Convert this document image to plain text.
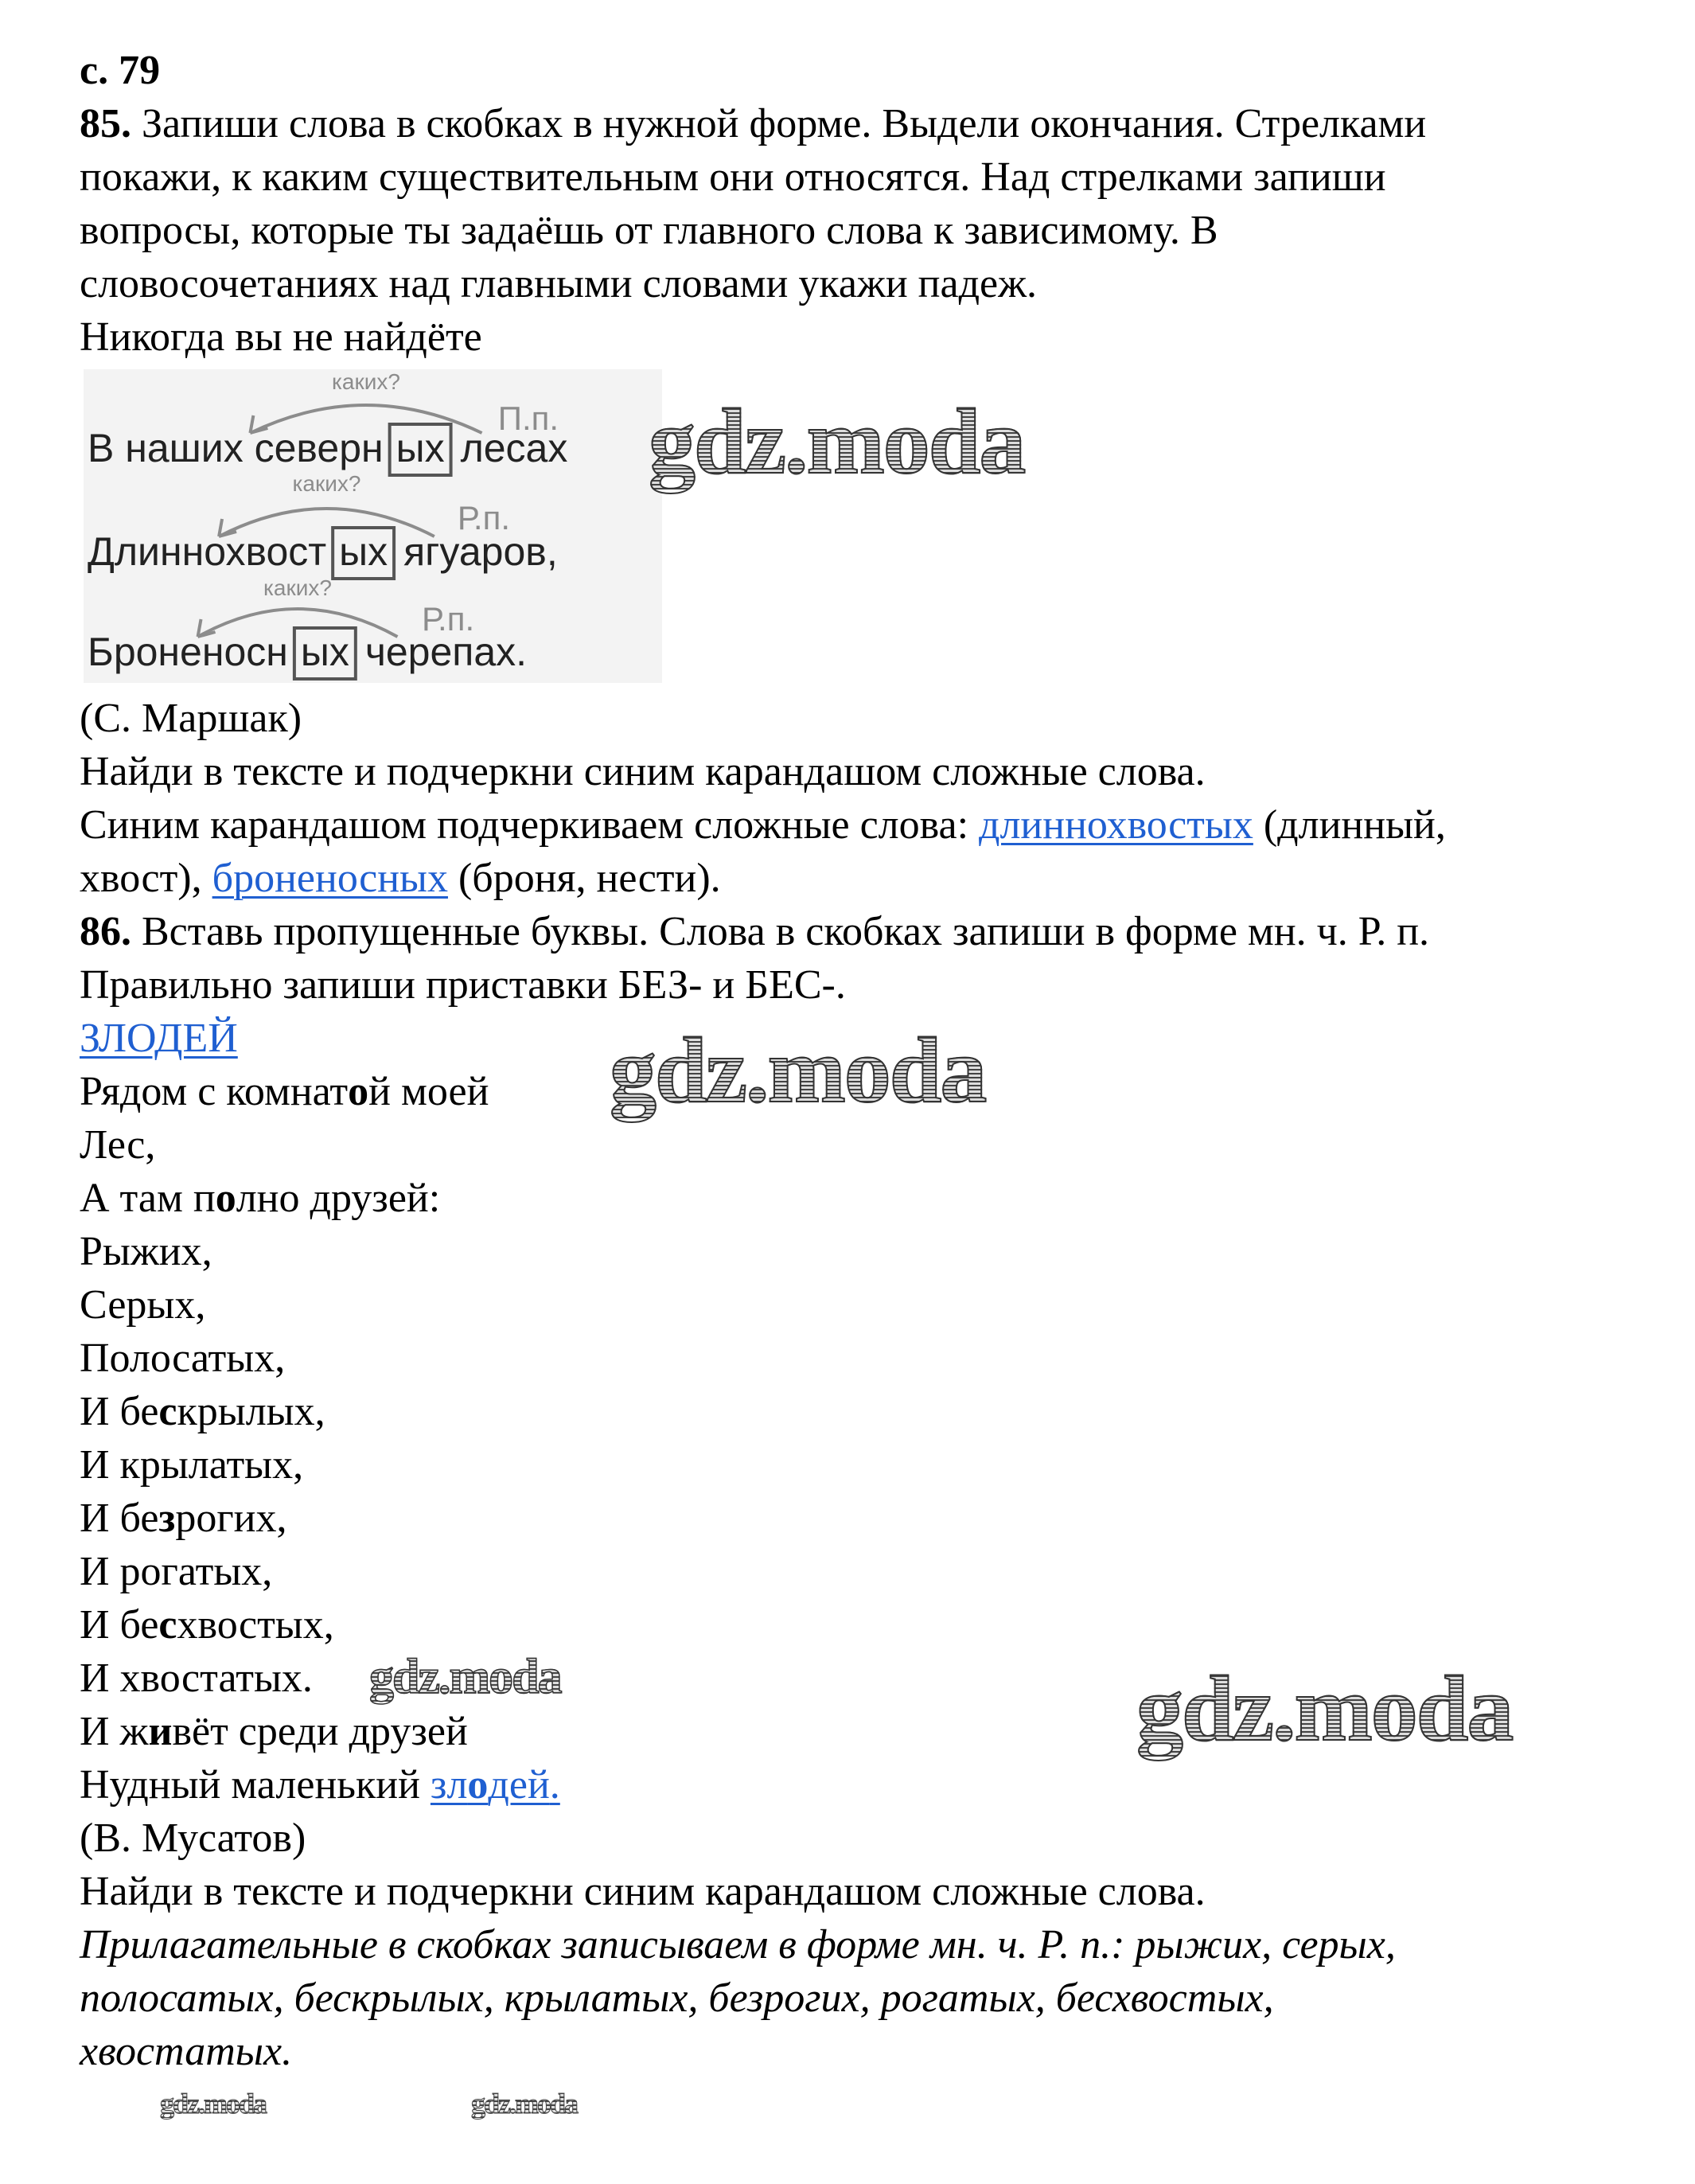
с. 79
85. Запиши слова в скобках в нужной форме. Выдели окончания. Стрелками
покажи, к каким существительным они относятся. Над стрелками запиши
вопросы, которые ты задаёшь от главного слова к зависимому. В
словосочетаниях над главными словами укажи падеж.
Никогда вы не найдёте
каких?
П.п.
В наших северн ых лесах
каких?
Р.п.
Длиннохвост ых ягуаров,
каких?
Р.п.
Броненосн ых черепах.
(С. Маршак)
Найди в тексте и подчеркни синим карандашом сложные слова.
Синим карандашом подчеркиваем сложные слова: длиннохвостых (длинный,
хвост), броненосных (броня, нести).
86. Вставь пропущенные буквы. Слова в скобках запиши в форме мн. ч. Р. п.
Правильно запиши приставки БЕЗ- и БЕС-.
ЗЛОДЕЙ
Рядом с комнатой моей
Лес,
А там полно друзей:
Рыжих,
Серых,
Полосатых,
И бескрылых,
И крылатых,
И безрогих,
И рогатых,
И бесхвостых,
И хвостатых.
И живёт среди друзей
Нудный маленький злодей.
(В. Мусатов)
Найди в тексте и подчеркни синим карандашом сложные слова.
Прилагательные в скобках записываем в форме мн. ч. Р. п.: рыжих, серых,
полосатых, бескрылых, крылатых, безрогих, рогатых, бесхвостых,
хвостатых.
gdz.moda
gdz.moda
gdz.moda	gdz.moda
gdz.moda	gdz.moda
